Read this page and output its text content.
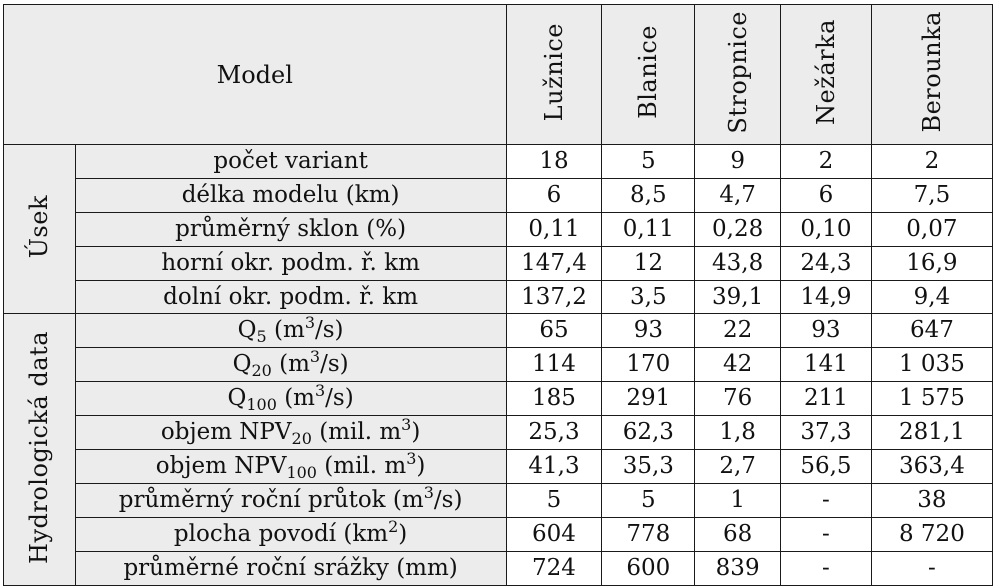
Model		Lužnice	Blanice	Stropnice	Nežárka	Berounka
Úsek	počet variant	18	5	9	2	2
	délka modelu (km)	6	8,5	4,7	6	7,5
	průměrný sklon (%)	0,11	0,11	0,28	0,10	0,07
	horní okr. podm. ř. km	147,4	12	43,8	24,3	16,9
	dolní okr. podm. ř. km	137,2	3,5	39,1	14,9	9,4
Hydrologická data	$Q_5$ $(m^3/s)$	65	93	22	93	647
	$Q_{20}$ $(m^3/s)$	114	170	42	141	1 035
	$Q_{100}$ $(m^3/s)$	185	291	76	211	1 575
	objem $NPV_{20}$ (mil. $m^3$)	25,3	62,3	1,8	37,3	281,1
	objem $NPV_{100}$ (mil. $m^3$)	41,3	35,3	2,7	56,5	363,4
	průměrný roční průtok $(m^3/s)$	5	5	1	-	38
	plocha povodí $(km^2)$	604	778	68	-	8 720
	průměrné roční srážky (mm)	724	600	839	-	-
